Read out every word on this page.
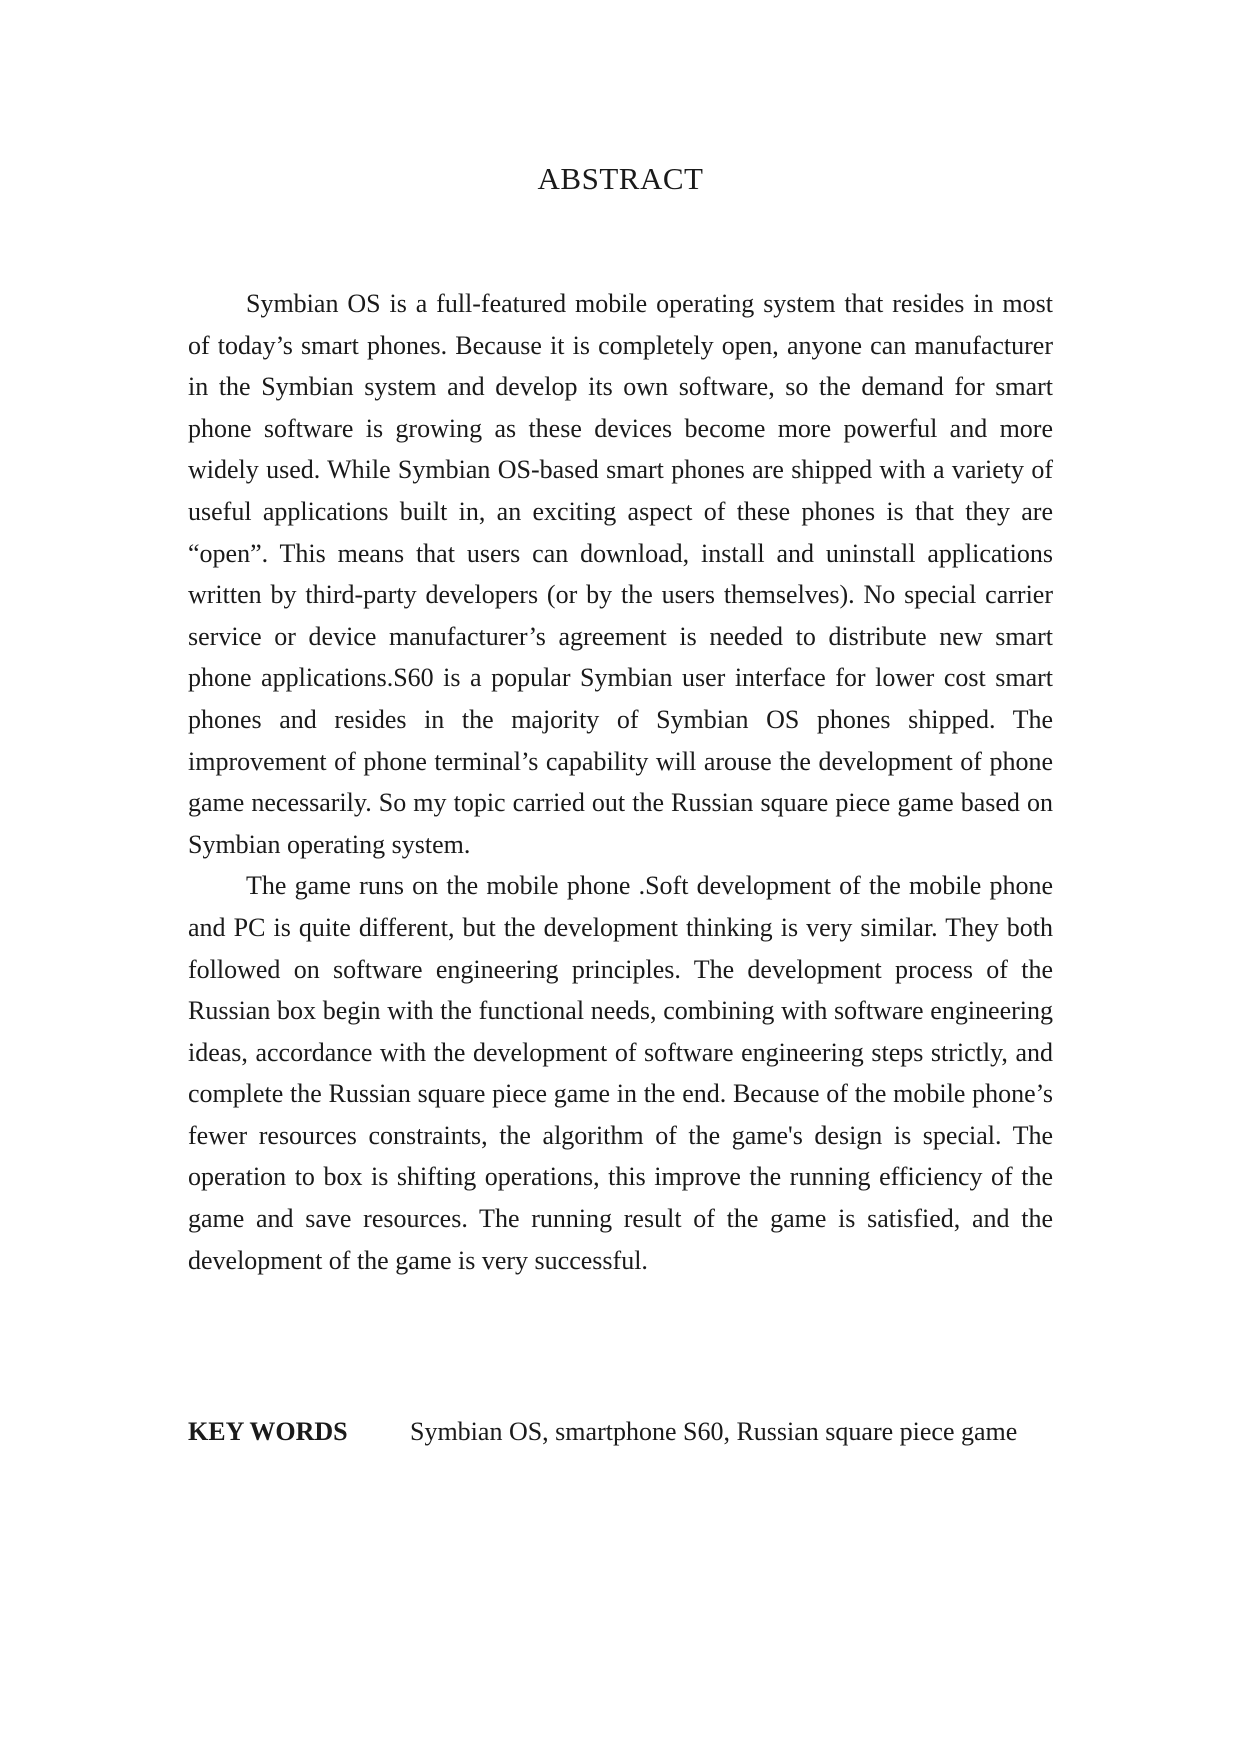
ABSTRACT

Symbian OS is a full-featured mobile operating system that resides in most of today’s smart phones. Because it is completely open, anyone can manufacturer in the Symbian system and develop its own software, so the demand for smart phone software is growing as these devices become more powerful and more widely used. While Symbian OS-based smart phones are shipped with a variety of useful applications built in, an exciting aspect of these phones is that they are “open”. This means that users can download, install and uninstall applications written by third-party developers (or by the users themselves). No special carrier service or device manufacturer’s agreement is needed to distribute new smart phone applications.S60 is a popular Symbian user interface for lower cost smart phones and resides in the majority of Symbian OS phones shipped. The improvement of phone terminal’s capability will arouse the development of phone game necessarily. So my topic carried out the Russian square piece game based on Symbian operating system.

The game runs on the mobile phone .Soft development of the mobile phone and PC is quite different, but the development thinking is very similar. They both followed on software engineering principles. The development process of the Russian box begin with the functional needs, combining with software engineering ideas, accordance with the development of software engineering steps strictly, and complete the Russian square piece game in the end. Because of the mobile phone’s fewer resources constraints, the algorithm of the game's design is special. The operation to box is shifting operations, this improve the running efficiency of the game and save resources. The running result of the game is satisfied, and the development of the game is very successful.

KEY WORDS	Symbian OS, smartphone S60, Russian square piece game
